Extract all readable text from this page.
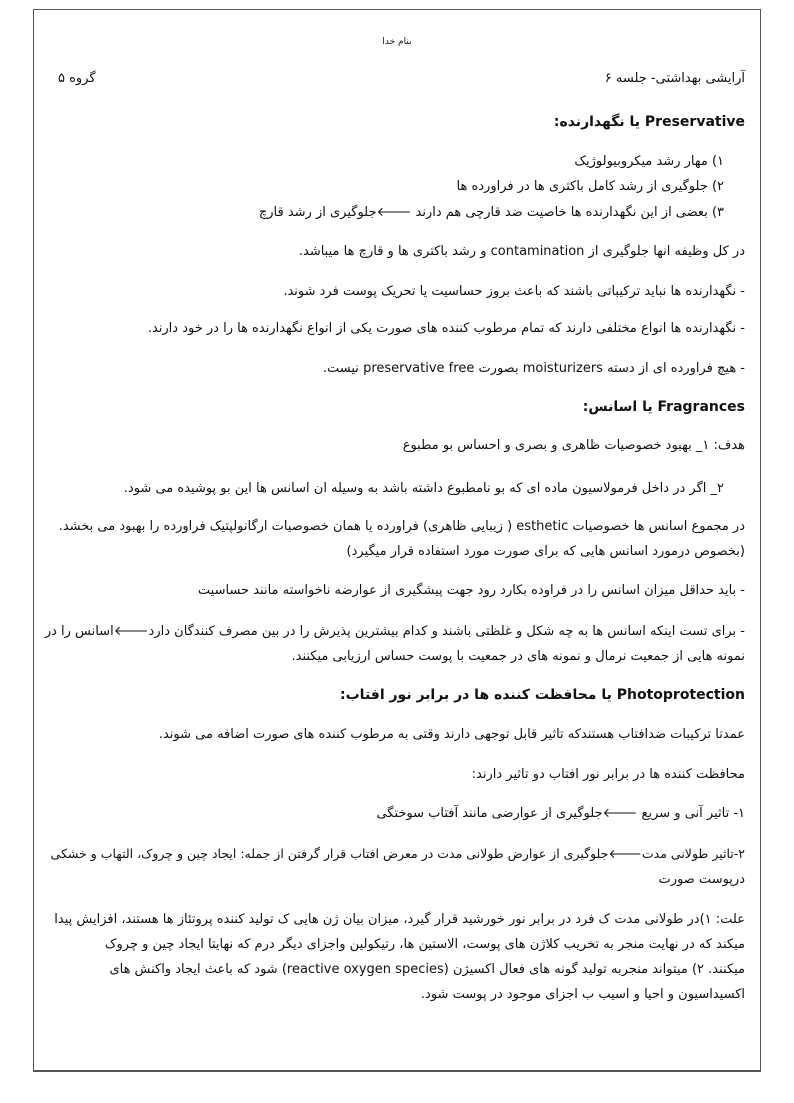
بنام خدا
آرایشی بهداشتی- جلسه ۶
گروه ۵
Preservative یا نگهدارنده:
۱) مهار رشد میکروبیولوژیک
۲) جلوگیری از رشد کامل باکتری ها در فراورده ها
۳) بعضی از این نگهدارنده ها خاصیت ضد قارچی هم دارند 🡐جلوگیری از رشد قارچ
در کل وظیفه انها جلوگیری از contamination و رشد باکتری ها و قارچ ها میباشد.
- نگهدارنده ها نباید ترکیباتی باشند که باعث بروز حساسیت یا تحریک پوست فرد شوند.
- نگهدارنده ها انواع مختلفی دارند که تمام مرطوب کننده های صورت یکی از انواع نگهدارنده ها را در خود دارند.
- هیچ فراورده ای از دسته moisturizers بصورت preservative free نیست.
Fragrances یا اسانس:
هدف: ۱_ بهبود خصوصیات ظاهری و بصری و احساس بو مطبوع
۲_ اگر در داخل فرمولاسیون ماده ای که بو نامطبوع داشته باشد به وسیله ان اسانس ها این بو پوشیده می شود.
در مجموع اسانس ها خصوصیات esthetic ( زیبایی ظاهری) فراورده یا همان خصوصیات ارگانولپتیک فراورده را بهبود می بخشد.
(بخصوص درمورد اسانس هایی که برای صورت مورد استفاده قرار میگیرد)
- باید حداقل میزان اسانس را در فراوده بکارد رود جهت پیشگیری از عوارضه ناخواسته مانند حساسیت
- برای تست اینکه اسانس ها به چه شکل و غلظتی باشند و کدام بیشترین پذیرش را در بین مصرف کنندگان دارد🡐اسانس را در
نمونه هایی از جمعیت نرمال و نمونه های در جمعیت با پوست حساس ارزیابی میکنند.
Photoprotection یا محافظت کننده ها در برابر نور افتاب:
عمدتا ترکیبات ضدافتاب هستندکه تاثیر قابل توجهی دارند وقتی به مرطوب کننده های صورت اضافه می شوند.
محافظت کننده ها در برابر نور افتاب دو تاثیر دارند:
۱- تاثیر آنی و سریع 🡐جلوگیری از عوارضی مانند آفتاب سوختگی
۲-تاثیر طولانی مدت🡐جلوگیری از عوارض طولانی مدت در معرض افتاب قرار گرفتن از جمله: ایجاد چین و چروک، التهاب و خشکی
درپوست صورت
علت: ۱)در طولانی مدت ک فرد در برابر نور خورشید قرار گیرد، میزان بیان ژن هایی ک تولید کننده پروتئاز ها هستند، افزایش پیدا
میکند که در نهایت منجر به تخریب کلاژن های پوست، الاستین ها، رتیکولین واجزای دیگر درم که نهایتا ایجاد چین و چروک
میکنند. ۲) میتواند منجربه تولید گونه های فعال اکسیژن (reactive oxygen species) شود که باعث ایجاد واکنش های
اکسیداسیون و احیا و اسیب ب اجزای موجود در پوست شود.
